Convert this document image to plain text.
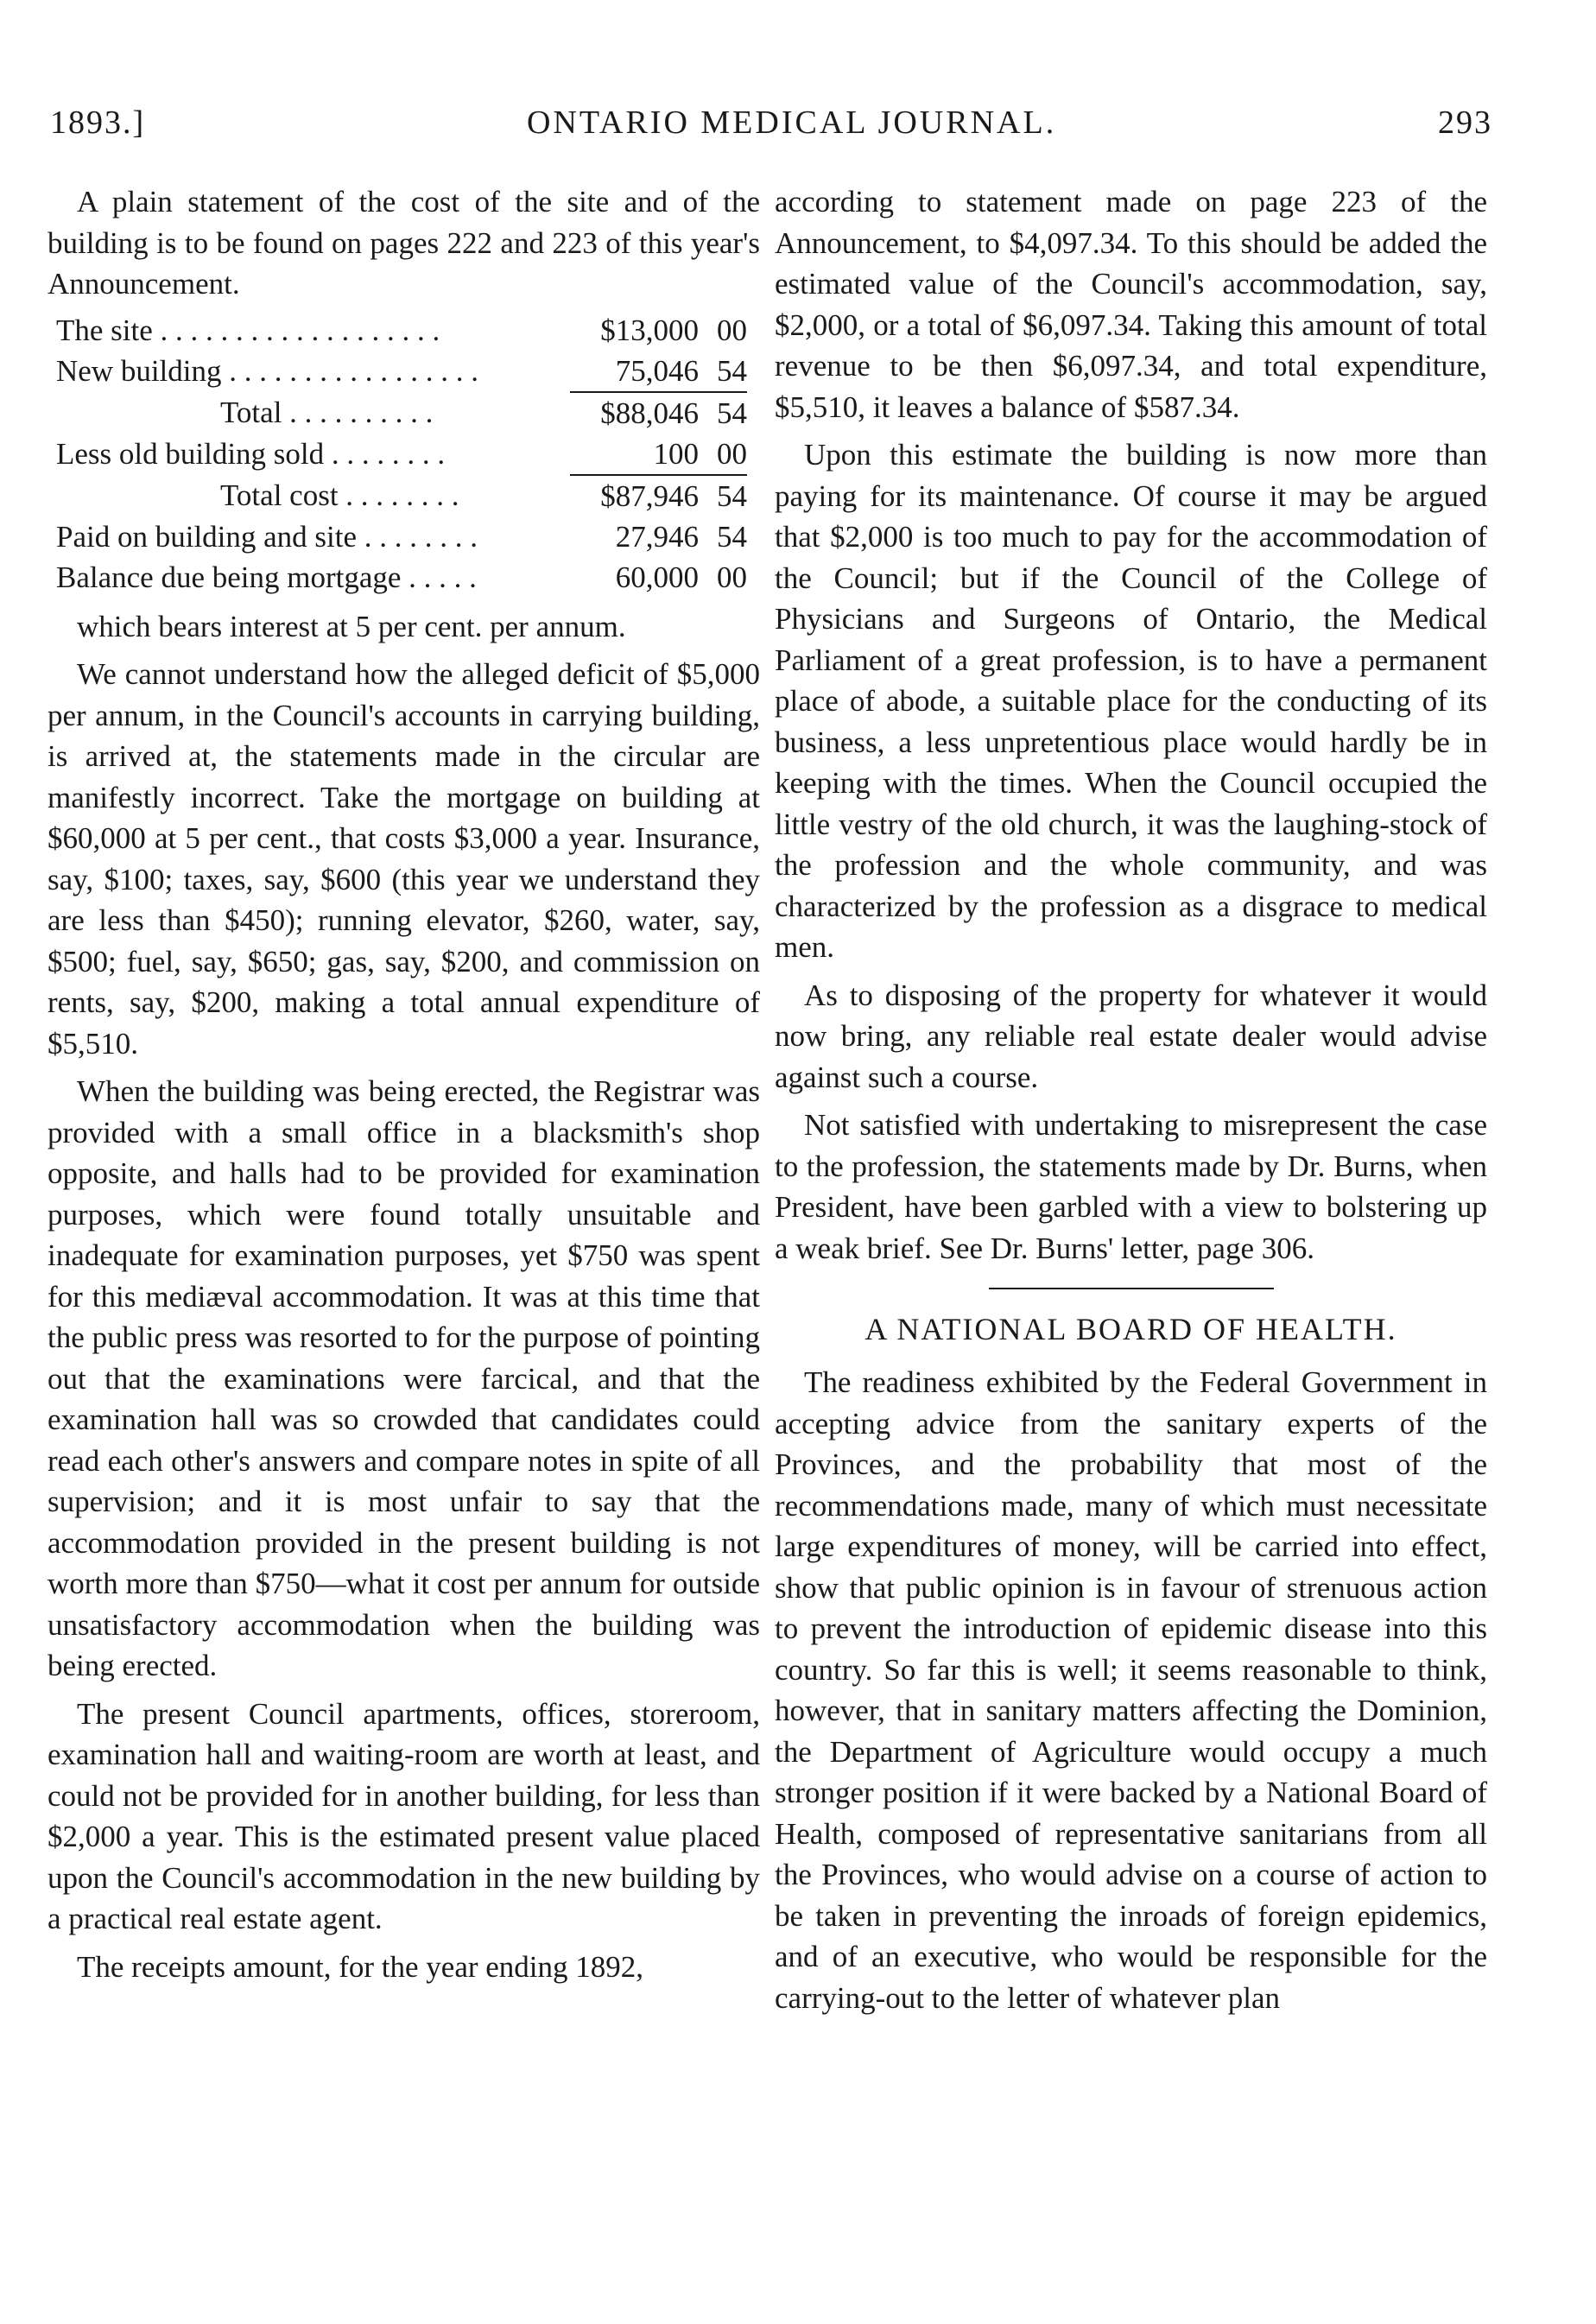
1893.]	ONTARIO MEDICAL JOURNAL.	293

A plain statement of the cost of the site and of the building is to be found on pages 222 and 223 of this year's Announcement.

The site . . . . . . . . . . . . . . . . . . .	$13,000	00
New building . . . . . . . . . . . . . . . . .	75,046	54
Total . . . . . . . . . .	$88,046	54
Less old building sold . . . . . . . .	100	00
Total cost . . . . . . . .	$87,946	54
Paid on building and site . . . . . . . .	27,946	54
Balance due being mortgage . . . . .	60,000	00

which bears interest at 5 per cent. per annum.

We cannot understand how the alleged deficit of $5,000 per annum, in the Council's accounts in carrying building, is arrived at, the statements made in the circular are manifestly incorrect. Take the mortgage on building at $60,000 at 5 per cent., that costs $3,000 a year. Insurance, say, $100; taxes, say, $600 (this year we understand they are less than $450); running elevator, $260, water, say, $500; fuel, say, $650; gas, say, $200, and commission on rents, say, $200, making a total annual expenditure of $5,510.

When the building was being erected, the Registrar was provided with a small office in a blacksmith's shop opposite, and halls had to be provided for examination purposes, which were found totally unsuitable and inadequate for examination purposes, yet $750 was spent for this mediæval accommodation. It was at this time that the public press was resorted to for the purpose of pointing out that the examinations were farcical, and that the examination hall was so crowded that candidates could read each other's answers and compare notes in spite of all supervision; and it is most unfair to say that the accommodation provided in the present building is not worth more than $750—what it cost per annum for outside unsatisfactory accommodation when the building was being erected.

The present Council apartments, offices, storeroom, examination hall and waiting-room are worth at least, and could not be provided for in another building, for less than $2,000 a year. This is the estimated present value placed upon the Council's accommodation in the new building by a practical real estate agent.

The receipts amount, for the year ending 1892,

according to statement made on page 223 of the Announcement, to $4,097.34. To this should be added the estimated value of the Council's accommodation, say, $2,000, or a total of $6,097.34. Taking this amount of total revenue to be then $6,097.34, and total expenditure, $5,510, it leaves a balance of $587.34.

Upon this estimate the building is now more than paying for its maintenance. Of course it may be argued that $2,000 is too much to pay for the accommodation of the Council; but if the Council of the College of Physicians and Surgeons of Ontario, the Medical Parliament of a great profession, is to have a permanent place of abode, a suitable place for the conducting of its business, a less unpretentious place would hardly be in keeping with the times. When the Council occupied the little vestry of the old church, it was the laughing-stock of the profession and the whole community, and was characterized by the profession as a disgrace to medical men.

As to disposing of the property for whatever it would now bring, any reliable real estate dealer would advise against such a course.

Not satisfied with undertaking to misrepresent the case to the profession, the statements made by Dr. Burns, when President, have been garbled with a view to bolstering up a weak brief. See Dr. Burns' letter, page 306.

A NATIONAL BOARD OF HEALTH.

The readiness exhibited by the Federal Government in accepting advice from the sanitary experts of the Provinces, and the probability that most of the recommendations made, many of which must necessitate large expenditures of money, will be carried into effect, show that public opinion is in favour of strenuous action to prevent the introduction of epidemic disease into this country. So far this is well; it seems reasonable to think, however, that in sanitary matters affecting the Dominion, the Department of Agriculture would occupy a much stronger position if it were backed by a National Board of Health, composed of representative sanitarians from all the Provinces, who would advise on a course of action to be taken in preventing the inroads of foreign epidemics, and of an executive, who would be responsible for the carrying-out to the letter of whatever plan
